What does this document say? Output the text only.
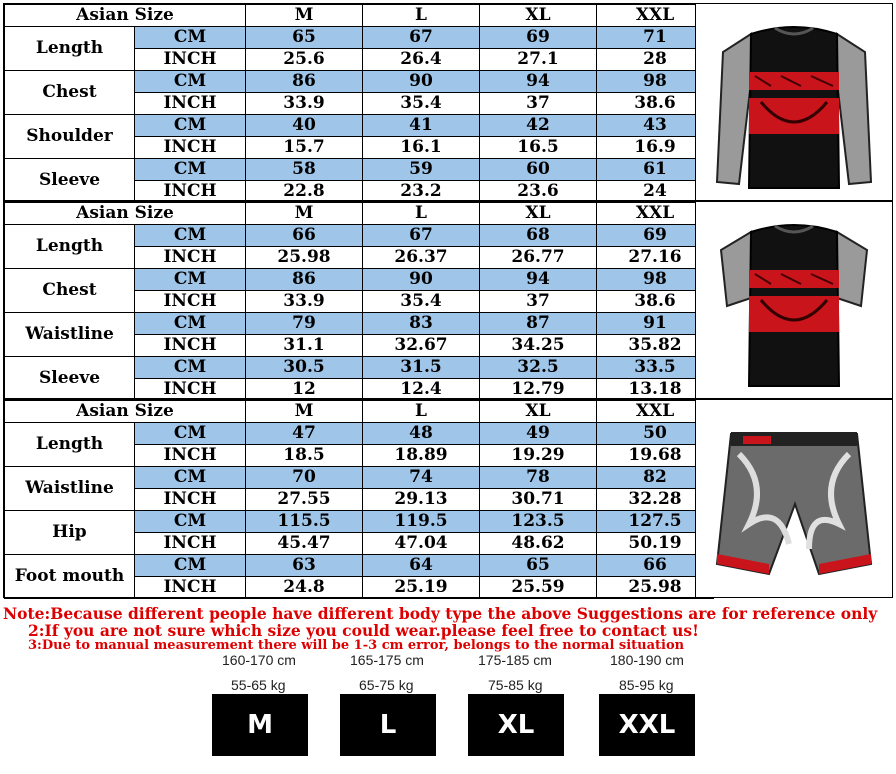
Asian Size		M	L	XL	XXL
Length	CM	65	67	69	71
	INCH	25.6	26.4	27.1	28
Chest	CM	86	90	94	98
	INCH	33.9	35.4	37	38.6
Shoulder	CM	40	41	42	43
	INCH	15.7	16.1	16.5	16.9
Sleeve	CM	58	59	60	61
	INCH	22.8	23.2	23.6	24
Asian Size		M	L	XL	XXL
Length	CM	66	67	68	69
	INCH	25.98	26.37	26.77	27.16
Chest	CM	86	90	94	98
	INCH	33.9	35.4	37	38.6
Waistline	CM	79	83	87	91
	INCH	31.1	32.67	34.25	35.82
Sleeve	CM	30.5	31.5	32.5	33.5
	INCH	12	12.4	12.79	13.18
Asian Size		M	L	XL	XXL
Length	CM	47	48	49	50
	INCH	18.5	18.89	19.29	19.68
Waistline	CM	70	74	78	82
	INCH	27.55	29.13	30.71	32.28
Hip	CM	115.5	119.5	123.5	127.5
	INCH	45.47	47.04	48.62	50.19
Foot mouth	CM	63	64	65	66
	INCH	24.8	25.19	25.59	25.98
Note:Because different people have different body type the above Suggestions are for reference only
2:If you are not sure which size you could wear.please feel free to contact us!
3:Due to manual measurement there will be 1-3 cm error, belongs to the normal situation
160-170 cm	165-175 cm	175-185 cm	180-190 cm
55-65 kg	65-75 kg	75-85 kg	85-95 kg
M	L	XL	XXL
